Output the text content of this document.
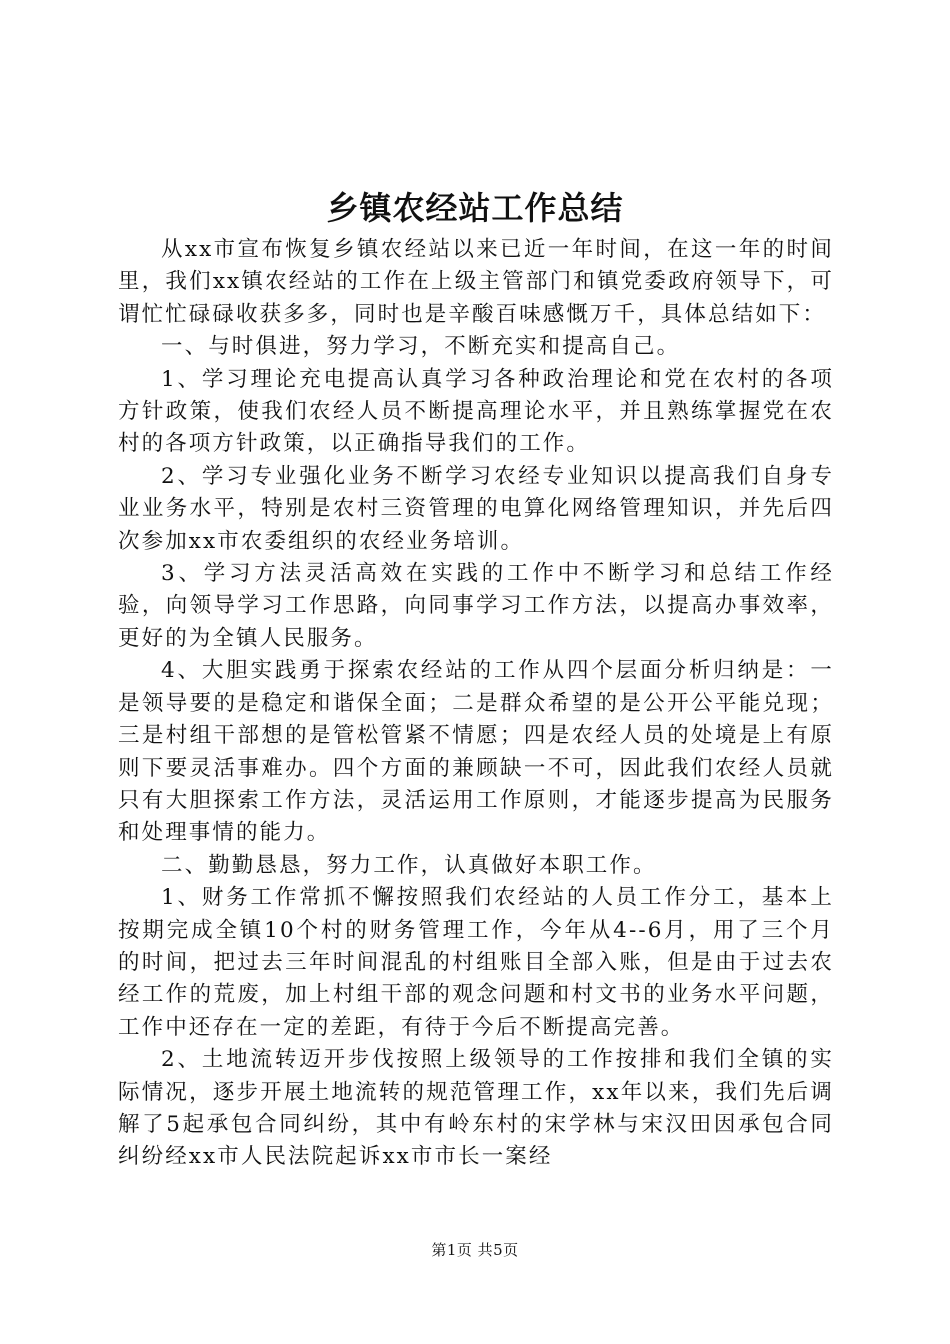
乡镇农经站工作总结

从xx市宣布恢复乡镇农经站以来已近一年时间，在这一年的时间里，我们xx镇农经站的工作在上级主管部门和镇党委政府领导下，可谓忙忙碌碌收获多多，同时也是辛酸百味感慨万千，具体总结如下：

一、与时俱进，努力学习，不断充实和提高自己。

1、学习理论充电提高认真学习各种政治理论和党在农村的各项方针政策，使我们农经人员不断提高理论水平，并且熟练掌握党在农村的各项方针政策，以正确指导我们的工作。

2、学习专业强化业务不断学习农经专业知识以提高我们自身专业业务水平，特别是农村三资管理的电算化网络管理知识，并先后四次参加xx市农委组织的农经业务培训。

3、学习方法灵活高效在实践的工作中不断学习和总结工作经验，向领导学习工作思路，向同事学习工作方法，以提高办事效率，更好的为全镇人民服务。

4、大胆实践勇于探索农经站的工作从四个层面分析归纳是：一是领导要的是稳定和谐保全面；二是群众希望的是公开公平能兑现；三是村组干部想的是管松管紧不情愿；四是农经人员的处境是上有原则下要灵活事难办。四个方面的兼顾缺一不可，因此我们农经人员就只有大胆探索工作方法，灵活运用工作原则，才能逐步提高为民服务和处理事情的能力。

二、勤勤恳恳，努力工作，认真做好本职工作。

1、财务工作常抓不懈按照我们农经站的人员工作分工，基本上按期完成全镇10个村的财务管理工作，今年从4--6月，用了三个月的时间，把过去三年时间混乱的村组账目全部入账，但是由于过去农经工作的荒废，加上村组干部的观念问题和村文书的业务水平问题，工作中还存在一定的差距，有待于今后不断提高完善。

2、土地流转迈开步伐按照上级领导的工作按排和我们全镇的实际情况，逐步开展土地流转的规范管理工作，xx年以来，我们先后调解了5起承包合同纠纷，其中有岭东村的宋学林与宋汉田因承包合同纠纷经xx市人民法院起诉xx市市长一案经

第1页 共5页
